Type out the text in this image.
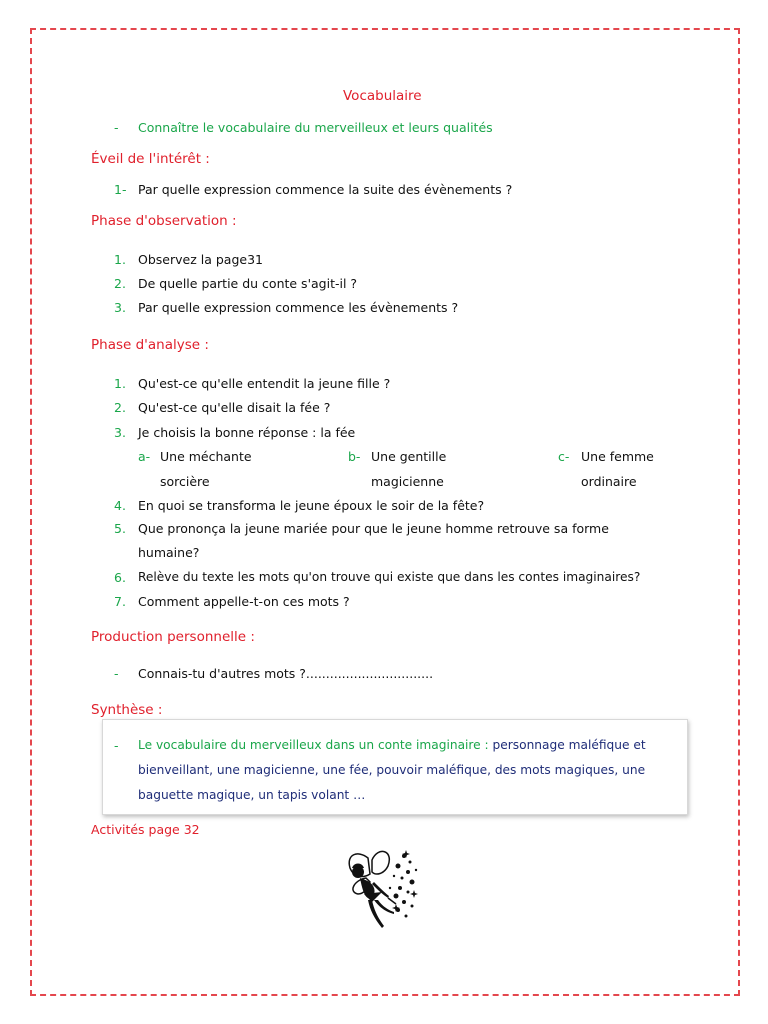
Vocabulaire
- Connaître le vocabulaire du merveilleux et leurs qualités
Éveil de l'intérêt :
1- Par quelle expression commence la suite des évènements ?
Phase d'observation :
1. Observez la page31
2. De quelle partie du conte s'agit-il ?
3. Par quelle expression commence les évènements ?
Phase d'analyse :
1. Qu'est-ce qu'elle entendit la jeune fille ?
2. Qu'est-ce qu'elle disait la fée ?
3. Je choisis la bonne réponse : la fée
a- Une méchante
sorcière
b- Une gentille
magicienne
c- Une femme
ordinaire
4. En quoi se transforma le jeune époux le soir de la fête?
5. Que prononça la jeune mariée pour que le jeune homme retrouve sa forme
humaine?
6. Relève du texte les mots qu'on trouve qui existe que dans les contes imaginaires?
7. Comment appelle-t-on ces mots ?
Production personnelle :
- Connais-tu d'autres mots ?................................
Synthèse :
- Le vocabulaire du merveilleux dans un conte imaginaire : personnage maléfique et
bienveillant, une magicienne, une fée, pouvoir maléfique, des mots magiques, une
baguette magique, un tapis volant …
Activités page 32
